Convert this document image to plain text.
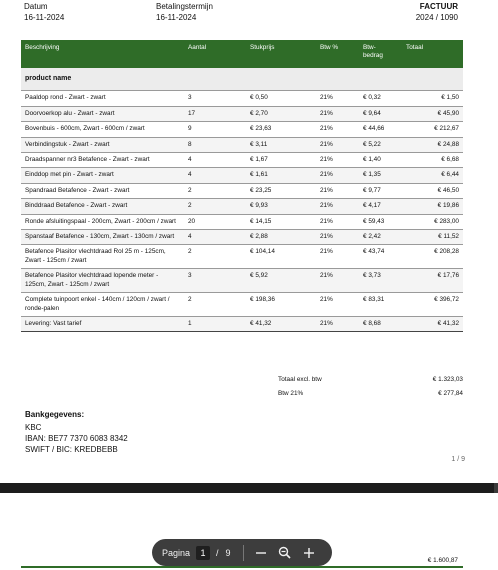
Datum
16-11-2024
Betalingstermijn
16-11-2024
FACTUUR
2024 / 1090
Beschrijving	Aantal	Stukprijs	Btw %	Btw-
bedrag	Totaal
product name					
Paaldop rond - Zwart - zwart	3	€ 0,50	21%	€ 0,32	€ 1,50
Doorvoerkop alu - Zwart - zwart	17	€ 2,70	21%	€ 9,64	€ 45,90
Bovenbuis - 600cm, Zwart - 600cm / zwart	9	€ 23,63	21%	€ 44,66	€ 212,67
Verbindingstuk - Zwart - zwart	8	€ 3,11	21%	€ 5,22	€ 24,88
Draadspanner nr3 Betafence - Zwart - zwart	4	€ 1,67	21%	€ 1,40	€ 6,68
Einddop met pin - Zwart - zwart	4	€ 1,61	21%	€ 1,35	€ 6,44
Spandraad Betafence - Zwart - zwart	2	€ 23,25	21%	€ 9,77	€ 46,50
Binddraad Betafence - Zwart - zwart	2	€ 9,93	21%	€ 4,17	€ 19,86
Ronde afsluitingspaal - 200cm, Zwart - 200cm / zwart	20	€ 14,15	21%	€ 59,43	€ 283,00
Spanstaaf Betafence - 130cm, Zwart - 130cm / zwart	4	€ 2,88	21%	€ 2,42	€ 11,52
Betafence Plasitor vlechtdraad Rol 25 m - 125cm, Zwart - 125cm / zwart	2	€ 104,14	21%	€ 43,74	€ 208,28
Betafence Plasitor vlechtdraad lopende meter - 125cm, Zwart - 125cm / zwart	3	€ 5,92	21%	€ 3,73	€ 17,76
Complete tuinpoort enkel - 140cm / 120cm / zwart / ronde-palen	2	€ 198,36	21%	€ 83,31	€ 396,72
Levering: Vast tarief	1	€ 41,32	21%	€ 8,68	€ 41,32
Totaal excl. btw	€ 1.323,03
Btw 21%	€ 277,84
Bankgegevens:
KBC
IBAN: BE77 7370 6083 8342
SWIFT / BIC: KREDBEBB
1 / 9
€ 1.600,87
Pagina	1	/ 9
